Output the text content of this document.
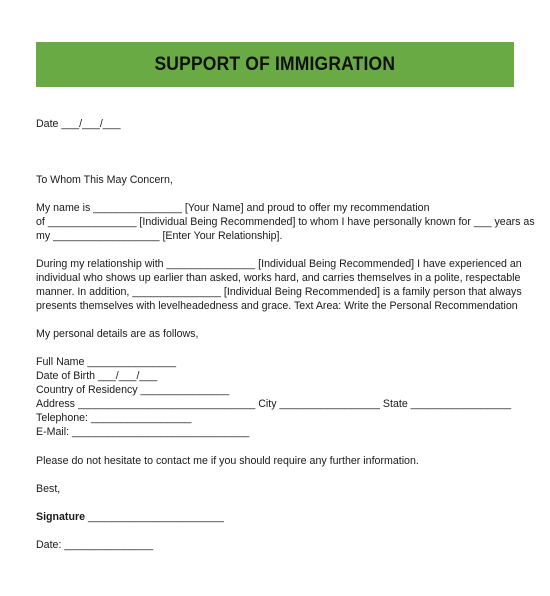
SUPPORT OF IMMIGRATION
Date ___/___/___
To Whom This May Concern,
My name is _______________ [Your Name] and proud to offer my recommendation
of _______________ [Individual Being Recommended] to whom I have personally known for ___ years as
my __________________ [Enter Your Relationship].
During my relationship with _______________ [Individual Being Recommended] I have experienced an
individual who shows up earlier than asked, works hard, and carries themselves in a polite, respectable
manner. In addition, _______________ [Individual Being Recommended] is a family person that always
presents themselves with levelheadedness and grace. Text Area: Write the Personal Recommendation
My personal details are as follows,
Full Name _______________
Date of Birth ___/___/___
Country of Residency _______________
Address ______________________________ City _________________ State _________________
Telephone: _________________
E-Mail: ______________________________
Please do not hesitate to contact me if you should require any further information.
Best,
Signature _______________________
Date: _______________
